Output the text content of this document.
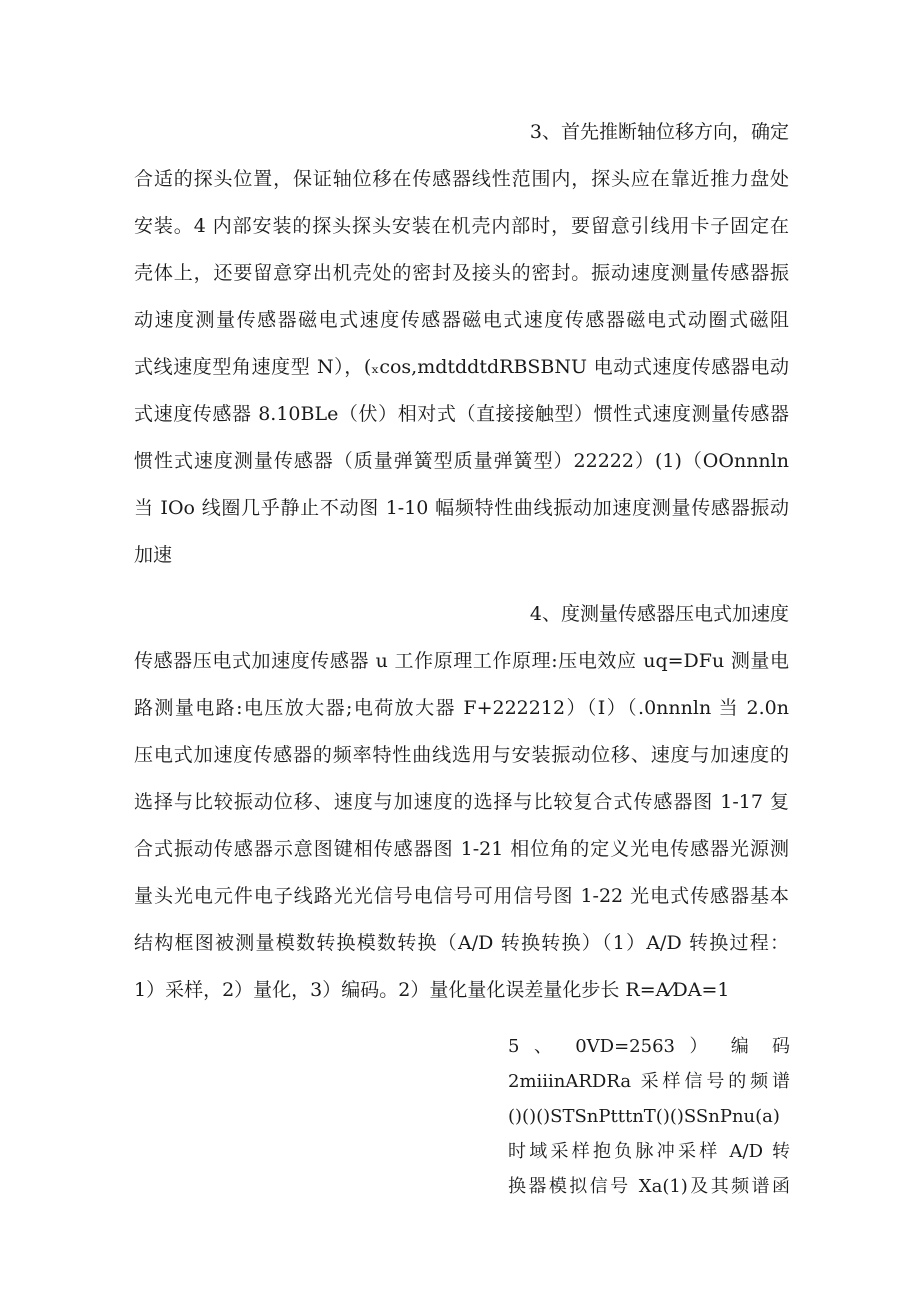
3、首先推断轴位移方向，确定
合适的探头位置，保证轴位移在传感器线性范围内，探头应在靠近推力盘处
安装。4 内部安装的探头探头安装在机壳内部时，要留意引线用卡子固定在
壳体上，还要留意穿出机壳处的密封及接头的密封。振动速度测量传感器振
动速度测量传感器磁电式速度传感器磁电式速度传感器磁电式动圈式磁阻
式线速度型角速度型 N），(ₓcos,mdtddtdRBSBNU 电动式速度传感器电动
式速度传感器 8.10BLe（伏）相对式（直接接触型）惯性式速度测量传感器
惯性式速度测量传感器（质量弹簧型质量弹簧型）22222）(1)（OOnnnln
当 IOo 线圈几乎静止不动图 1-10 幅频特性曲线振动加速度测量传感器振动
加速
4、度测量传感器压电式加速度
传感器压电式加速度传感器 u 工作原理工作原理:压电效应 uq=DFu 测量电
路测量电路:电压放大器;电荷放大器 F+222212）（I）（.0nnnln 当 2.0n
压电式加速度传感器的频率特性曲线选用与安装振动位移、速度与加速度的
选择与比较振动位移、速度与加速度的选择与比较复合式传感器图 1-17 复
合式振动传感器示意图键相传感器图 1-21 相位角的定义光电传感器光源测
量头光电元件电子线路光光信号电信号可用信号图 1-22 光电式传感器基本
结构框图被测量模数转换模数转换（A/D 转换转换）（1）A/D 转换过程：
1）采样，2）量化，3）编码。2）量化量化误差量化步长 R=A⁄DA=1
5 、 0VD=2563 ） 编 码
2miiinARDRa 采样信号的频谱
()()()STSnPtttnT()()SSnPnu(a)
时域采样抱负脉冲采样 A/D 转
换器模拟信号 Xa(1)及其频谱函
